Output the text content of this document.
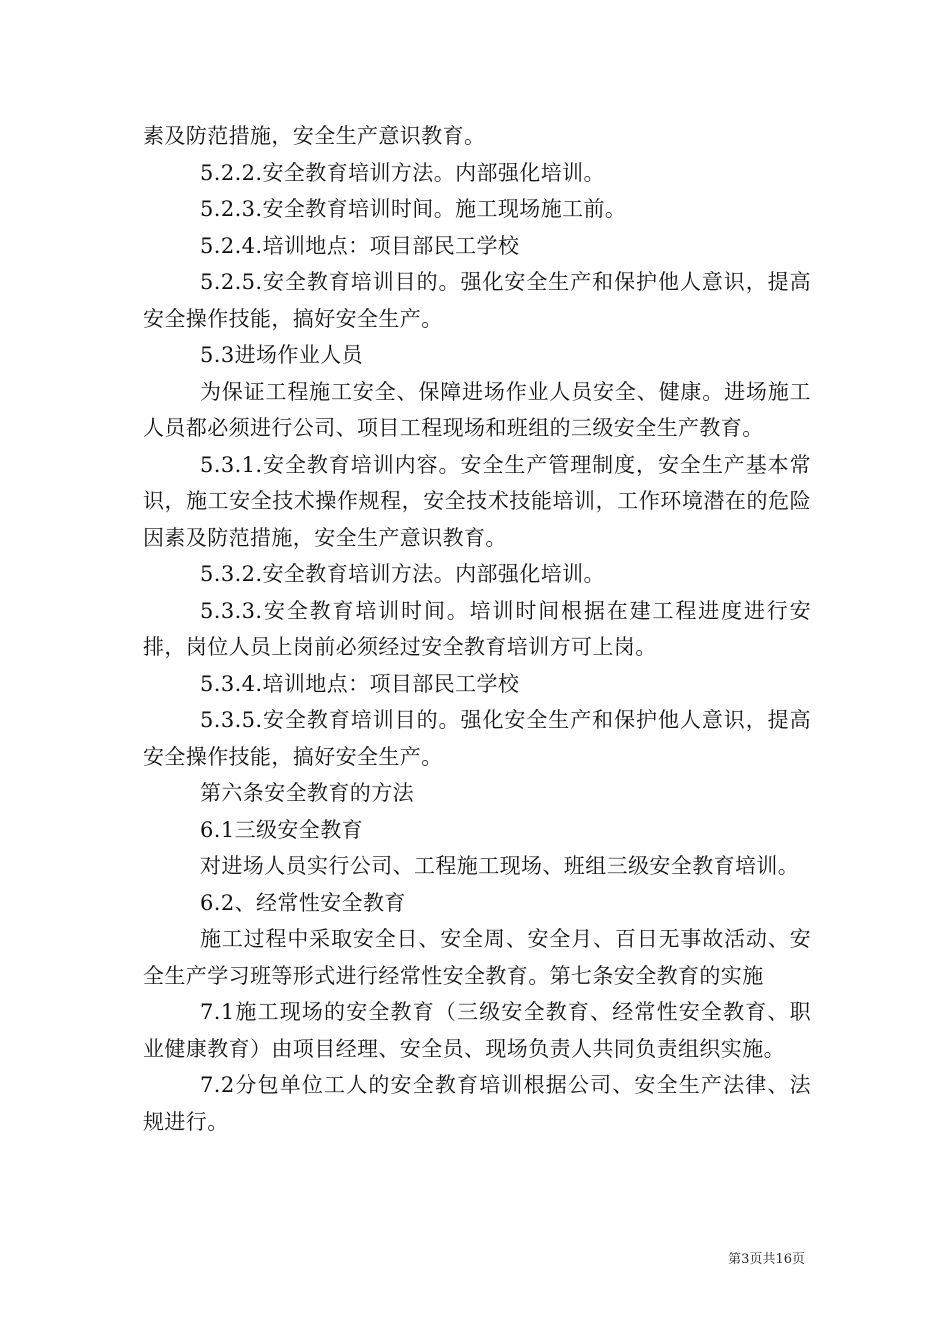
素及防范措施，安全生产意识教育。

5.2.2.安全教育培训方法。内部强化培训。

5.2.3.安全教育培训时间。施工现场施工前。

5.2.4.培训地点：项目部民工学校

5.2.5.安全教育培训目的。强化安全生产和保护他人意识，提高安全操作技能，搞好安全生产。

5.3进场作业人员

为保证工程施工安全、保障进场作业人员安全、健康。进场施工人员都必须进行公司、项目工程现场和班组的三级安全生产教育。

5.3.1.安全教育培训内容。安全生产管理制度，安全生产基本常识，施工安全技术操作规程，安全技术技能培训，工作环境潜在的危险因素及防范措施，安全生产意识教育。

5.3.2.安全教育培训方法。内部强化培训。

5.3.3.安全教育培训时间。培训时间根据在建工程进度进行安排，岗位人员上岗前必须经过安全教育培训方可上岗。

5.3.4.培训地点：项目部民工学校

5.3.5.安全教育培训目的。强化安全生产和保护他人意识，提高安全操作技能，搞好安全生产。

第六条安全教育的方法

6.1三级安全教育

对进场人员实行公司、工程施工现场、班组三级安全教育培训。

6.2、经常性安全教育

施工过程中采取安全日、安全周、安全月、百日无事故活动、安全生产学习班等形式进行经常性安全教育。第七条安全教育的实施

7.1施工现场的安全教育（三级安全教育、经常性安全教育、职业健康教育）由项目经理、安全员、现场负责人共同负责组织实施。

7.2分包单位工人的安全教育培训根据公司、安全生产法律、法规进行。

第3页共16页
